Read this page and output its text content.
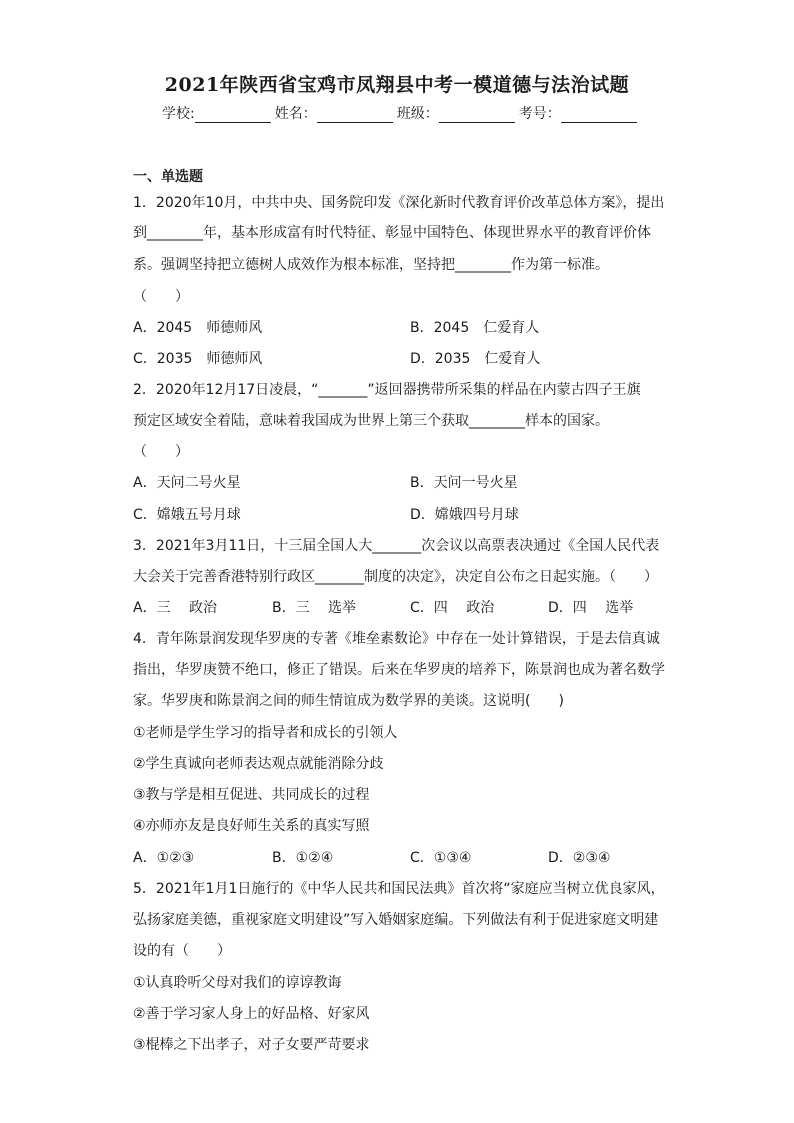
2021年陕西省宝鸡市凤翔县中考一模道德与法治试题
学校:	姓名：	班级：	考号：
一、单选题
1．2020年10月，中共中央、国务院印发《深化新时代教育评价改革总体方案》，提出
到________年，基本形成富有时代特征、彰显中国特色、体现世界水平的教育评价体
系。强调坚持把立德树人成效作为根本标准，坚持把________作为第一标准。
（　　）
A．2045　师德师风	B．2045　仁爱育人
C．2035　师德师风	D．2035　仁爱育人
2．2020年12月17日凌晨，“_______”返回器携带所采集的样品在内蒙古四子王旗
预定区域安全着陆，意味着我国成为世界上第三个获取________样本的国家。
（　　）
A．天问二号火星	B．天问一号火星
C．嫦娥五号月球	D．嫦娥四号月球
3．2021年3月11日，十三届全国人大_______次会议以高票表决通过《全国人民代表
大会关于完善香港特别行政区_______制度的决定》，决定自公布之日起实施。（　　）
A．三　 政治	B．三　 选举	C．四　 政治	D．四　 选举
4．青年陈景润发现华罗庚的专著《堆垒素数论》中存在一处计算错误，于是去信真诚
指出，华罗庚赞不绝口，修正了错误。后来在华罗庚的培养下，陈景润也成为著名数学
家。华罗庚和陈景润之间的师生情谊成为数学界的美谈。这说明(　　)
①老师是学生学习的指导者和成长的引领人
②学生真诚向老师表达观点就能消除分歧
③教与学是相互促进、共同成长的过程
④亦师亦友是良好师生关系的真实写照
A．①②③	B．①②④	C．①③④	D．②③④
5．2021年1月1日施行的《中华人民共和国民法典》首次将“家庭应当树立优良家风，
弘扬家庭美德，重视家庭文明建设”写入婚姻家庭编。下列做法有利于促进家庭文明建
设的有（　　）
①认真聆听父母对我们的谆谆教诲
②善于学习家人身上的好品格、好家风
③棍棒之下出孝子，对子女要严苛要求
